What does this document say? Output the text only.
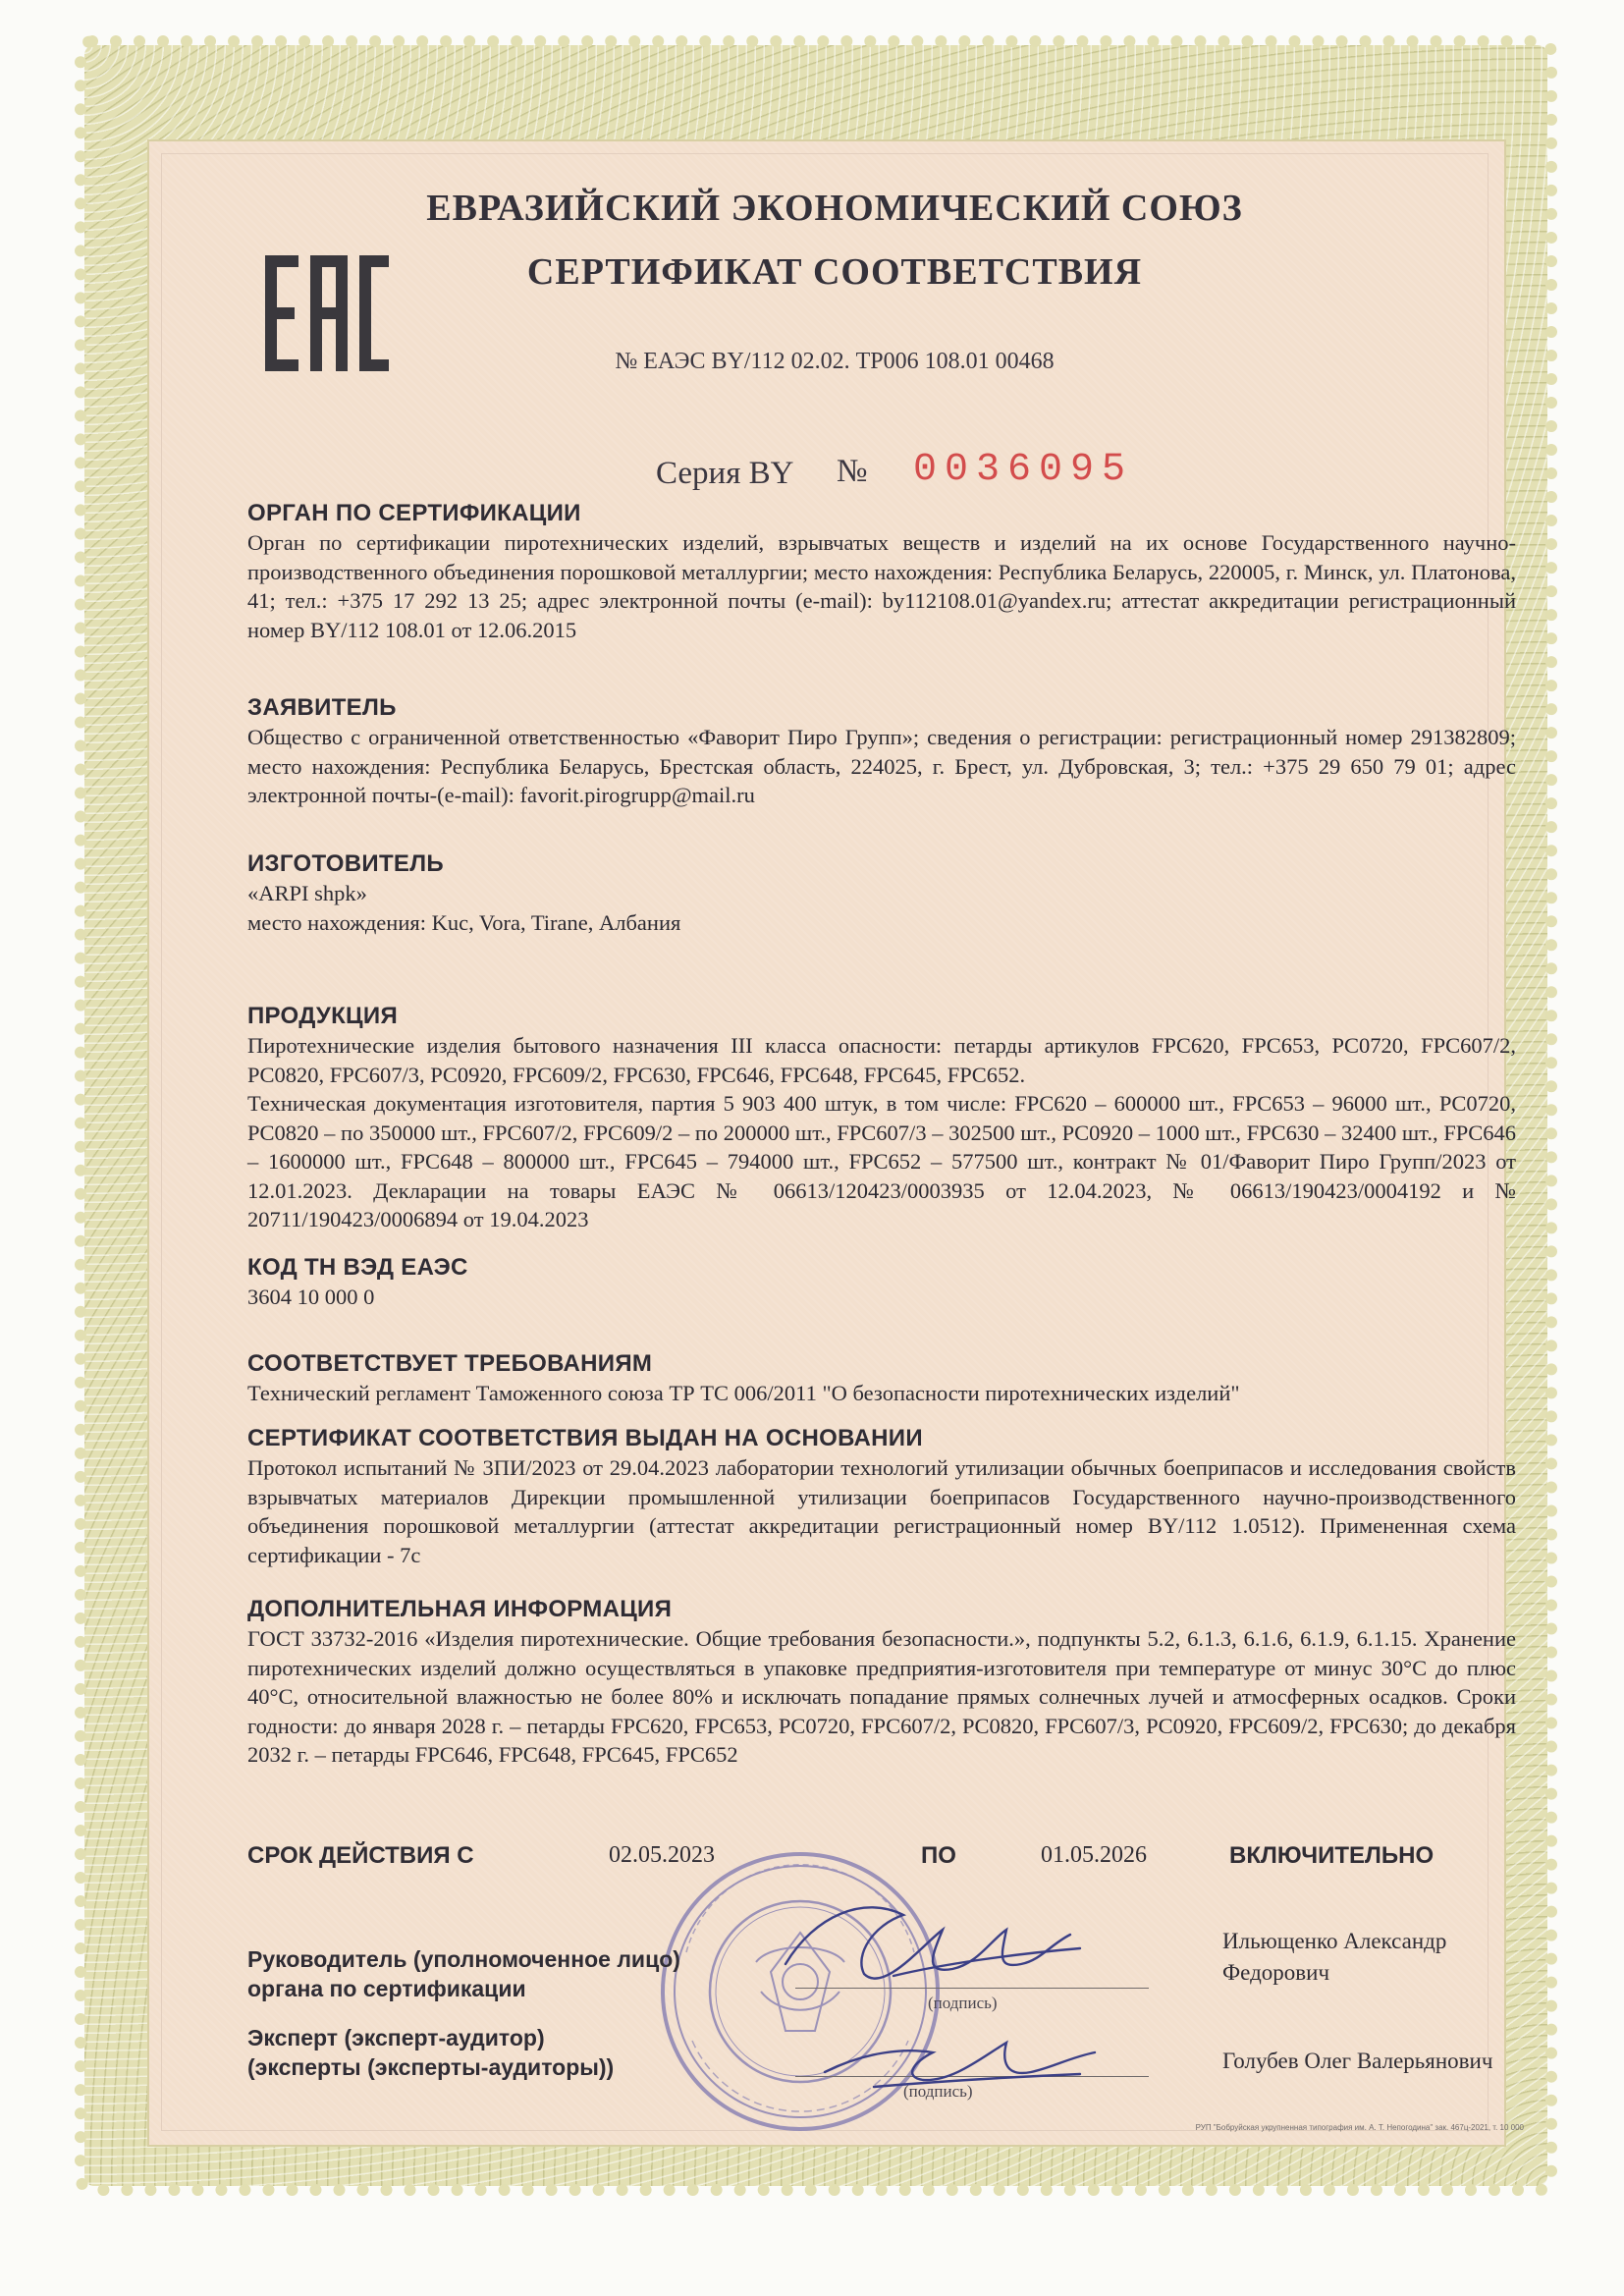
ЕВРАЗИЙСКИЙ ЭКОНОМИЧЕСКИЙ СОЮЗ
СЕРТИФИКАТ СООТВЕТСТВИЯ
№ ЕАЭС BY/112 02.02. ТР006 108.01 00468
Серия BY № 0036095
ОРГАН ПО СЕРТИФИКАЦИИ

Орган по сертификации пиротехнических изделий, взрывчатых веществ и изделий на их основе Государственного научно-производственного объединения порошковой металлургии; место нахождения: Республика Беларусь, 220005, г. Минск, ул. Платонова, 41; тел.: +375 17 292 13 25; адрес электронной почты (e-mail): by112108.01@yandex.ru; аттестат аккредитации регистрационный номер BY/112 108.01 от 12.06.2015

ЗАЯВИТЕЛЬ

Общество с ограниченной ответственностью «Фаворит Пиро Групп»; сведения о регистрации: регистрационный номер 291382809; место нахождения: Республика Беларусь, Брестская область, 224025, г. Брест, ул. Дубровская, 3; тел.: +375 29 650 79 01; адрес электронной почты-(e-mail): favorit.pirogrupp@mail.ru

ИЗГОТОВИТЕЛЬ

«ARPI shpk»

место нахождения: Kuc, Vora, Tirane, Албания

ПРОДУКЦИЯ

Пиротехнические изделия бытового назначения III класса опасности: петарды артикулов FPC620, FPC653, PC0720, FPC607/2, PC0820, FPC607/3, PC0920, FPC609/2, FPC630, FPC646, FPC648, FPC645, FPC652.

Техническая документация изготовителя, партия 5 903 400 штук, в том числе: FPC620 – 600000 шт., FPC653 – 96000 шт., PC0720, PC0820 – по 350000 шт., FPC607/2, FPC609/2 – по 200000 шт., FPC607/3 – 302500 шт., PC0920 – 1000 шт., FPC630 – 32400 шт., FPC646 – 1600000 шт., FPC648 – 800000 шт., FPC645 – 794000 шт., FPC652 – 577500 шт., контракт № 01/Фаворит Пиро Групп/2023 от 12.01.2023. Декларации на товары ЕАЭС № 06613/120423/0003935 от 12.04.2023, № 06613/190423/0004192 и № 20711/190423/0006894 от 19.04.2023

КОД ТН ВЭД ЕАЭС

3604 10 000 0

СООТВЕТСТВУЕТ ТРЕБОВАНИЯМ

Технический регламент Таможенного союза ТР ТС 006/2011 "О безопасности пиротехнических изделий"

СЕРТИФИКАТ СООТВЕТСТВИЯ ВЫДАН НА ОСНОВАНИИ

Протокол испытаний № 3ПИ/2023 от 29.04.2023 лаборатории технологий утилизации обычных боеприпасов и исследования свойств взрывчатых материалов Дирекции промышленной утилизации боеприпасов Государственного научно-производственного объединения порошковой металлургии (аттестат аккредитации регистрационный номер BY/112 1.0512). Примененная схема сертификации - 7с

ДОПОЛНИТЕЛЬНАЯ ИНФОРМАЦИЯ

ГОСТ 33732-2016 «Изделия пиротехнические. Общие требования безопасности.», подпункты 5.2, 6.1.3, 6.1.6, 6.1.9, 6.1.15. Хранение пиротехнических изделий должно осуществляться в упаковке предприятия-изготовителя при температуре от минус 30°С до плюс 40°С, относительной влажностью не более 80% и исключать попадание прямых солнечных лучей и атмосферных осадков. Сроки годности: до января 2028 г. – петарды FPC620, FPC653, PC0720, FPC607/2, PC0820, FPC607/3, PC0920, FPC609/2, FPC630; до декабря 2032 г. – петарды FPC646, FPC648, FPC645, FPC652

СРОК ДЕЙСТВИЯ С	02.05.2023	ПО	01.05.2026	ВКЛЮЧИТЕЛЬНО
Руководитель (уполномоченное лицо)
органа по сертификации
(подпись)
Ильющенко Александр
Федорович
Эксперт (эксперт-аудитор)
(эксперты (эксперты-аудиторы))
(подпись)
Голубев Олег Валерьянович
РУП "Бобруйская укрупненная типография им. А. Т. Непогодина" зак. 467ц-2021, т. 10 000
